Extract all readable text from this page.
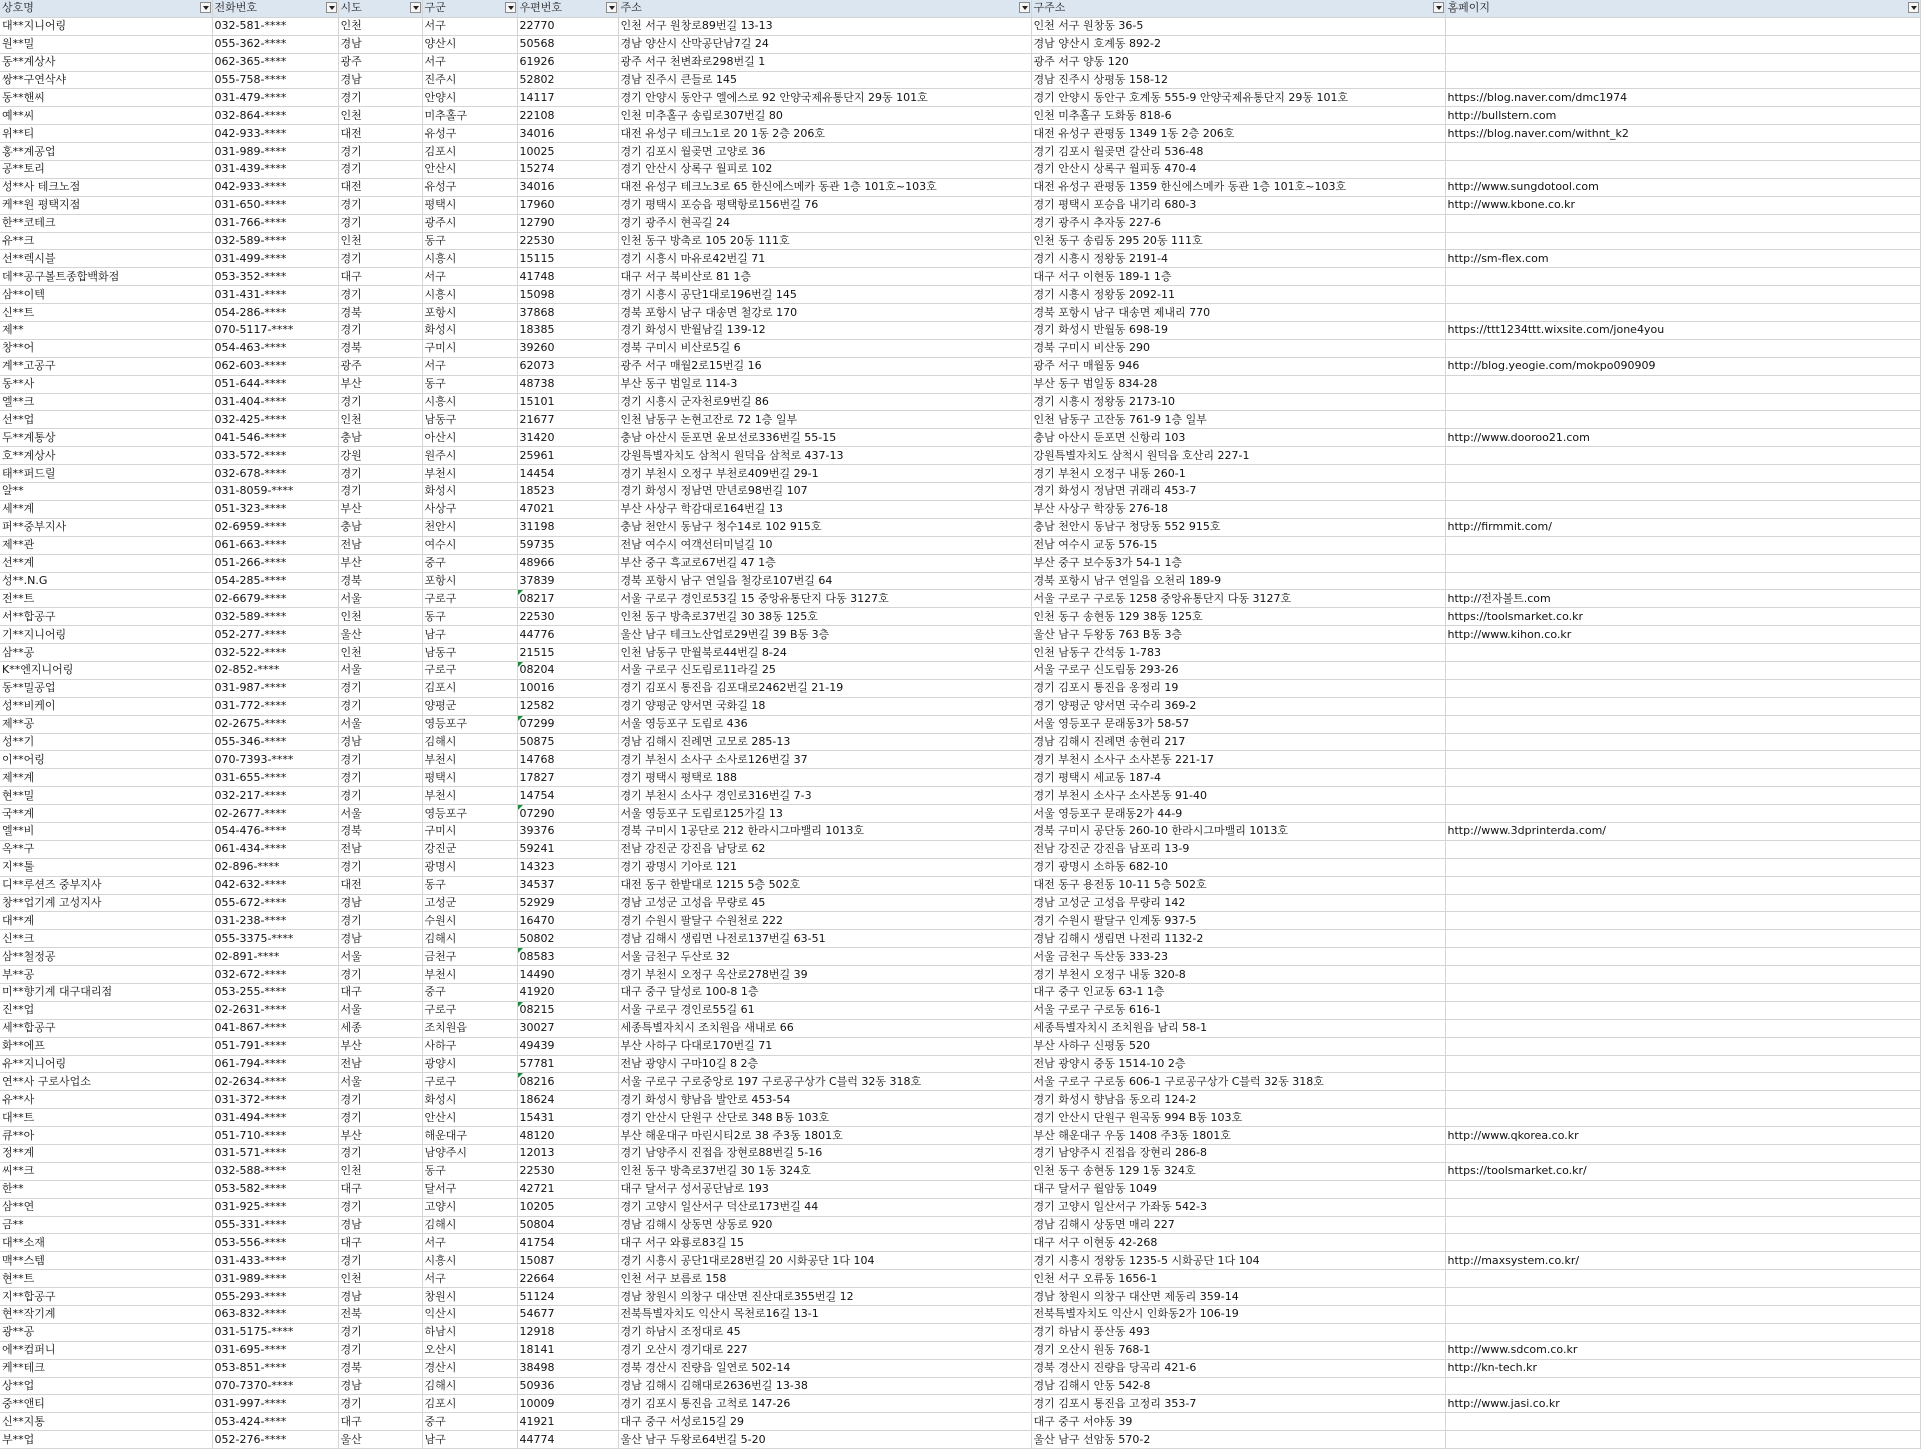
상호명	전화번호	시도	구군	우편번호	주소	구주소	홈페이지

대**지니어링	032-581-****	인천	서구	22770	인천 서구 원창로89번길 13-13	인천 서구 원창동 36-5	
원**밀	055-362-****	경남	양산시	50568	경남 양산시 산막공단남7길 24	경남 양산시 호계동 892-2	
동**계상사	062-365-****	광주	서구	61926	광주 서구 천변좌로298번길 1	광주 서구 양동 120	
쌍**구연삭샤	055-758-****	경남	진주시	52802	경남 진주시 큰들로 145	경남 진주시 상평동 158-12	
동**핸씨	031-479-****	경기	안양시	14117	경기 안양시 동안구 엘에스로 92 안양국제유통단지 29동 101호	경기 안양시 동안구 호계동 555-9 안양국제유통단지 29동 101호	https://blog.naver.com/dmc1974
예**씨	032-864-****	인천	미추홀구	22108	인천 미추홀구 송림로307번길 80	인천 미추홀구 도화동 818-6	http://bullstern.com
위**티	042-933-****	대전	유성구	34016	대전 유성구 테크노1로 20 1동 2층 206호	대전 유성구 관평동 1349 1동 2층 206호	https://blog.naver.com/withnt_k2
홍**계공업	031-989-****	경기	김포시	10025	경기 김포시 월곶면 고양로 36	경기 김포시 월곶면 갈산리 536-48	
공**토리	031-439-****	경기	안산시	15274	경기 안산시 상록구 월피로 102	경기 안산시 상록구 월피동 470-4	
성**사 테크노점	042-933-****	대전	유성구	34016	대전 유성구 테크노3로 65 한신에스메카 동관 1층 101호~103호	대전 유성구 관평동 1359 한신에스메카 동관 1층 101호~103호	http://www.sungdotool.com
케**원 평택지점	031-650-****	경기	평택시	17960	경기 평택시 포승읍 평택항로156번길 76	경기 평택시 포승읍 내기리 680-3	http://www.kbone.co.kr
한**코테크	031-766-****	경기	광주시	12790	경기 광주시 현곡길 24	경기 광주시 추자동 227-6	
유**크	032-589-****	인천	동구	22530	인천 동구 방축로 105 20동 111호	인천 동구 송림동 295 20동 111호	
선**렉시블	031-499-****	경기	시흥시	15115	경기 시흥시 마유로42번길 71	경기 시흥시 정왕동 2191-4	http://sm-flex.com
데**공구볼트종합백화점	053-352-****	대구	서구	41748	대구 서구 북비산로 81 1층	대구 서구 이현동 189-1 1층	
삼**이텍	031-431-****	경기	시흥시	15098	경기 시흥시 공단1대로196번길 145	경기 시흥시 정왕동 2092-11	
신**트	054-286-****	경북	포항시	37868	경북 포항시 남구 대송면 철강로 170	경북 포항시 남구 대송면 제내리 770	
제**	070-5117-****	경기	화성시	18385	경기 화성시 반월남길 139-12	경기 화성시 반월동 698-19	https://ttt1234ttt.wixsite.com/jone4you
창**어	054-463-****	경북	구미시	39260	경북 구미시 비산로5길 6	경북 구미시 비산동 290	
계**고공구	062-603-****	광주	서구	62073	광주 서구 매월2로15번길 16	광주 서구 매월동 946	http://blog.yeogie.com/mokpo090909
동**사	051-644-****	부산	동구	48738	부산 동구 범일로 114-3	부산 동구 범일동 834-28	
엘**크	031-404-****	경기	시흥시	15101	경기 시흥시 군자천로9번길 86	경기 시흥시 정왕동 2173-10	
선**업	032-425-****	인천	남동구	21677	인천 남동구 논현고잔로 72 1층 일부	인천 남동구 고잔동 761-9 1층 일부	
두**계통상	041-546-****	충남	아산시	31420	충남 아산시 둔포면 윤보선로336번길 55-15	충남 아산시 둔포면 신항리 103	http://www.dooroo21.com
호**계상사	033-572-****	강원	원주시	25961	강원특별자치도 삼척시 원덕읍 삼척로 437-13	강원특별자치도 삼척시 원덕읍 호산리 227-1	
태**퍼드릴	032-678-****	경기	부천시	14454	경기 부천시 오정구 부천로409번길 29-1	경기 부천시 오정구 내동 260-1	
알**	031-8059-****	경기	화성시	18523	경기 화성시 정남면 만년로98번길 107	경기 화성시 정남면 귀래리 453-7	
세**계	051-323-****	부산	사상구	47021	부산 사상구 학감대로164번길 13	부산 사상구 학장동 276-18	
퍼**중부지사	02-6959-****	충남	천안시	31198	충남 천안시 동남구 청수14로 102 915호	충남 천안시 동남구 청당동 552 915호	http://firmmit.com/
제**관	061-663-****	전남	여수시	59735	전남 여수시 여객선터미널길 10	전남 여수시 교동 576-15	
선**계	051-266-****	부산	중구	48966	부산 중구 흑교로67번길 47 1층	부산 중구 보수동3가 54-1 1층	
성**.N.G	054-285-****	경북	포항시	37839	경북 포항시 남구 연일읍 철강로107번길 64	경북 포항시 남구 연일읍 오천리 189-9	
전**트	02-6679-****	서울	구로구	08217	서울 구로구 경인로53길 15 중앙유통단지 다동 3127호	서울 구로구 구로동 1258 중앙유통단지 다동 3127호	http://전자볼트.com
서**합공구	032-589-****	인천	동구	22530	인천 동구 방축로37번길 30 38동 125호	인천 동구 송현동 129 38동 125호	https://toolsmarket.co.kr
기**지니어링	052-277-****	울산	남구	44776	울산 남구 테크노산업로29번길 39 B동 3층	울산 남구 두왕동 763 B동 3층	http://www.kihon.co.kr
삼**공	032-522-****	인천	남동구	21515	인천 남동구 만월북로44번길 8-24	인천 남동구 간석동 1-783	
K**엔지니어링	02-852-****	서울	구로구	08204	서울 구로구 신도림로11라길 25	서울 구로구 신도림동 293-26	
동**밀공업	031-987-****	경기	김포시	10016	경기 김포시 통진읍 김포대로2462번길 21-19	경기 김포시 통진읍 옹정리 19	
성**비케이	031-772-****	경기	양평군	12582	경기 양평군 양서면 국화길 18	경기 양평군 양서면 국수리 369-2	
제**공	02-2675-****	서울	영등포구	07299	서울 영등포구 도림로 436	서울 영등포구 문래동3가 58-57	
성**기	055-346-****	경남	김해시	50875	경남 김해시 진례면 고모로 285-13	경남 김해시 진례면 송현리 217	
이**어링	070-7393-****	경기	부천시	14768	경기 부천시 소사구 소사로126번길 37	경기 부천시 소사구 소사본동 221-17	
제**계	031-655-****	경기	평택시	17827	경기 평택시 평택로 188	경기 평택시 세교동 187-4	
현**밀	032-217-****	경기	부천시	14754	경기 부천시 소사구 경인로316번길 7-3	경기 부천시 소사구 소사본동 91-40	
국**계	02-2677-****	서울	영등포구	07290	서울 영등포구 도림로125가길 13	서울 영등포구 문래동2가 44-9	
엘**비	054-476-****	경북	구미시	39376	경북 구미시 1공단로 212 한라시그마밸리 1013호	경북 구미시 공단동 260-10 한라시그마밸리 1013호	http://www.3dprinterda.com/
옥**구	061-434-****	전남	강진군	59241	전남 강진군 강진읍 남당로 62	전남 강진군 강진읍 남포리 13-9	
지**툴	02-896-****	경기	광명시	14323	경기 광명시 기아로 121	경기 광명시 소하동 682-10	
디**루션즈 중부지사	042-632-****	대전	동구	34537	대전 동구 한밭대로 1215 5층 502호	대전 동구 용전동 10-11 5층 502호	
창**업기계 고성지사	055-672-****	경남	고성군	52929	경남 고성군 고성읍 무량로 45	경남 고성군 고성읍 무량리 142	
대**계	031-238-****	경기	수원시	16470	경기 수원시 팔달구 수원천로 222	경기 수원시 팔달구 인계동 937-5	
신**크	055-3375-****	경남	김해시	50802	경남 김해시 생림면 나전로137번길 63-51	경남 김해시 생림면 나전리 1132-2	
삼**철정공	02-891-****	서울	금천구	08583	서울 금천구 두산로 32	서울 금천구 독산동 333-23	
부**공	032-672-****	경기	부천시	14490	경기 부천시 오정구 옥산로278번길 39	경기 부천시 오정구 내동 320-8	
미**향기계 대구대리점	053-255-****	대구	중구	41920	대구 중구 달성로 100-8 1층	대구 중구 인교동 63-1 1층	
진**업	02-2631-****	서울	구로구	08215	서울 구로구 경인로55길 61	서울 구로구 구로동 616-1	
세**합공구	041-867-****	세종	조치원읍	30027	세종특별자치시 조치원읍 새내로 66	세종특별자치시 조치원읍 남리 58-1	
화**에프	051-791-****	부산	사하구	49439	부산 사하구 다대로170번길 71	부산 사하구 신평동 520	
유**지니어링	061-794-****	전남	광양시	57781	전남 광양시 구마10길 8 2층	전남 광양시 중동 1514-10 2층	
연**사 구로사업소	02-2634-****	서울	구로구	08216	서울 구로구 구로중앙로 197 구로공구상가 C블럭 32동 318호	서울 구로구 구로동 606-1 구로공구상가 C블럭 32동 318호	
유**사	031-372-****	경기	화성시	18624	경기 화성시 향남읍 발안로 453-54	경기 화성시 향남읍 동오리 124-2	
대**트	031-494-****	경기	안산시	15431	경기 안산시 단원구 산단로 348 B동 103호	경기 안산시 단원구 원곡동 994 B동 103호	
큐**아	051-710-****	부산	해운대구	48120	부산 해운대구 마린시티2로 38 주3동 1801호	부산 해운대구 우동 1408 주3동 1801호	http://www.qkorea.co.kr
정**계	031-571-****	경기	남양주시	12013	경기 남양주시 진접읍 장현로88번길 5-16	경기 남양주시 진접읍 장현리 286-8	
씨**크	032-588-****	인천	동구	22530	인천 동구 방축로37번길 30 1동 324호	인천 동구 송현동 129 1동 324호	https://toolsmarket.co.kr/
한**	053-582-****	대구	달서구	42721	대구 달서구 성서공단남로 193	대구 달서구 월암동 1049	
삼**연	031-925-****	경기	고양시	10205	경기 고양시 일산서구 덕산로173번길 44	경기 고양시 일산서구 가좌동 542-3	
금**	055-331-****	경남	김해시	50804	경남 김해시 상동면 상동로 920	경남 김해시 상동면 매리 227	
대**소재	053-556-****	대구	서구	41754	대구 서구 와룡로83길 15	대구 서구 이현동 42-268	
맥**스템	031-433-****	경기	시흥시	15087	경기 시흥시 공단1대로28번길 20 시화공단 1다 104	경기 시흥시 정왕동 1235-5 시화공단 1다 104	http://maxsystem.co.kr/
현**트	031-989-****	인천	서구	22664	인천 서구 보름로 158	인천 서구 오류동 1656-1	
지**합공구	055-293-****	경남	창원시	51124	경남 창원시 의창구 대산면 진산대로355번길 12	경남 창원시 의창구 대산면 제동리 359-14	
현**작기계	063-832-****	전북	익산시	54677	전북특별자치도 익산시 목천로16길 13-1	전북특별자치도 익산시 인화동2가 106-19	
광**공	031-5175-****	경기	하남시	12918	경기 하남시 조정대로 45	경기 하남시 풍산동 493	
에**컴퍼니	031-695-****	경기	오산시	18141	경기 오산시 경기대로 227	경기 오산시 원동 768-1	http://www.sdcom.co.kr
케**테크	053-851-****	경북	경산시	38498	경북 경산시 진량읍 일연로 502-14	경북 경산시 진량읍 당곡리 421-6	http://kn-tech.kr
상**업	070-7370-****	경남	김해시	50936	경남 김해시 김해대로2636번길 13-38	경남 김해시 안동 542-8	
중**앤티	031-997-****	경기	김포시	10009	경기 김포시 통진읍 고척로 147-26	경기 김포시 통진읍 고정리 353-7	http://www.jasi.co.kr
신**지통	053-424-****	대구	중구	41921	대구 중구 서성로15길 29	대구 중구 서야동 39	
부**업	052-276-****	울산	남구	44774	울산 남구 두왕로64번길 5-20	울산 남구 선암동 570-2	
